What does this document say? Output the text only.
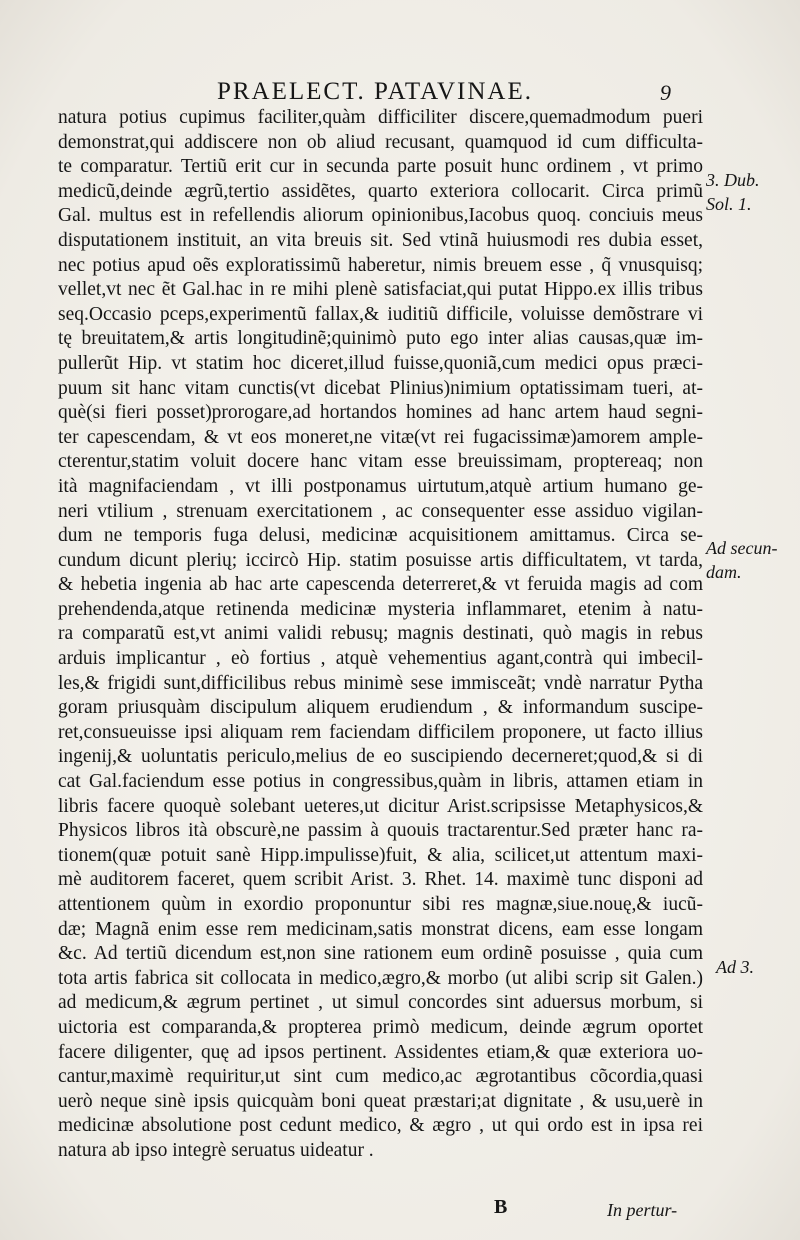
PRAELECT. PATAVINAE.	9
natura potius cupimus faciliter,quàm difficiliter discere,quemadmodum pueri
demonstrat,qui addiscere non ob aliud recusant, quamquod id cum difficulta-
te comparatur. Tertiũ erit cur in secunda parte posuit hunc ordinem , vt primo
medicũ,deinde ægrũ,tertio assidẽtes, quarto exteriora collocarit. Circa primũ
Gal. multus est in refellendis aliorum opinionibus,Iacobus quoq. conciuis meus
disputationem instituit, an vita breuis sit. Sed vtinã huiusmodi res dubia esset,
nec potius apud oẽs exploratissimũ haberetur, nimis breuem esse , q̃ vnusquisq;
vellet,vt nec ẽt Gal.hac in re mihi plenè satisfaciat,qui putat Hippo.ex illis tribus
seq.Occasio pceps,experimentũ fallax,& iuditiũ difficile, voluisse demõstrare vi
tę breuitatem,& artis longitudinẽ;quinimò puto ego inter alias causas,quæ im-
pullerũt Hip. vt statim hoc diceret,illud fuisse,quoniã,cum medici opus præci-
puum sit hanc vitam cunctis(vt dicebat Plinius)nimium optatissimam tueri, at-
què(si fieri posset)prorogare,ad hortandos homines ad hanc artem haud segni-
ter capescendam, & vt eos moneret,ne vitæ(vt rei fugacissimæ)amorem ample-
cterentur,statim voluit docere hanc vitam esse breuissimam, proptereaq; non
ità magnifaciendam , vt illi postponamus uirtutum,atquè artium humano ge-
neri vtilium , strenuam exercitationem , ac consequenter esse assiduo vigilan-
dum ne temporis fuga delusi, medicinæ acquisitionem amittamus. Circa se-
cundum dicunt plerių; iccircò Hip. statim posuisse artis difficultatem, vt tarda,
& hebetia ingenia ab hac arte capescenda deterreret,& vt feruida magis ad com
prehendenda,atque retinenda medicinæ mysteria inflammaret, etenim à natu-
ra comparatũ est,vt animi validi rebusų; magnis destinati, quò magis in rebus
arduis implicantur , eò fortius , atquè vehementius agant,contrà qui imbecil-
les,& frigidi sunt,difficilibus rebus minimè sese immisceãt; vndè narratur Pytha
goram priusquàm discipulum aliquem erudiendum , & informandum suscipe-
ret,consueuisse ipsi aliquam rem faciendam difficilem proponere, ut facto illius
ingenij,& uoluntatis periculo,melius de eo suscipiendo decerneret;quod,& si di
cat Gal.faciendum esse potius in congressibus,quàm in libris, attamen etiam in
libris facere quoquè solebant ueteres,ut dicitur Arist.scripsisse Metaphysicos,&
Physicos libros ità obscurè,ne passim à quouis tractarentur.Sed præter hanc ra-
tionem(quæ potuit sanè Hipp.impulisse)fuit, & alia, scilicet,ut attentum maxi-
mè auditorem faceret, quem scribit Arist. 3. Rhet. 14. maximè tunc disponi ad
attentionem quùm in exordio proponuntur sibi res magnæ,siue.nouę,& iucũ-
dæ; Magnã enim esse rem medicinam,satis monstrat dicens, eam esse longam
&c. Ad tertiũ dicendum est,non sine rationem eum ordinẽ posuisse , quia cum
tota artis fabrica sit collocata in medico,ægro,& morbo (ut alibi scrip sit Galen.)
ad medicum,& ægrum pertinet , ut simul concordes sint aduersus morbum, si
uictoria est comparanda,& propterea primò medicum, deinde ægrum oportet
facere diligenter, quę ad ipsos pertinent. Assidentes etiam,& quæ exteriora uo-
cantur,maximè requiritur,ut sint cum medico,ac ægrotantibus cõcordia,quasi
uerò neque sinè ipsis quicquàm boni queat præstari;at dignitate , & usu,uerè in
medicinæ absolutione post cedunt medico, & ægro , ut qui ordo est in ipsa rei
natura ab ipso integrè seruatus uideatur .
3. Dub.
Sol. 1.
Ad secun-
dam.
Ad 3.
B	In pertur-
